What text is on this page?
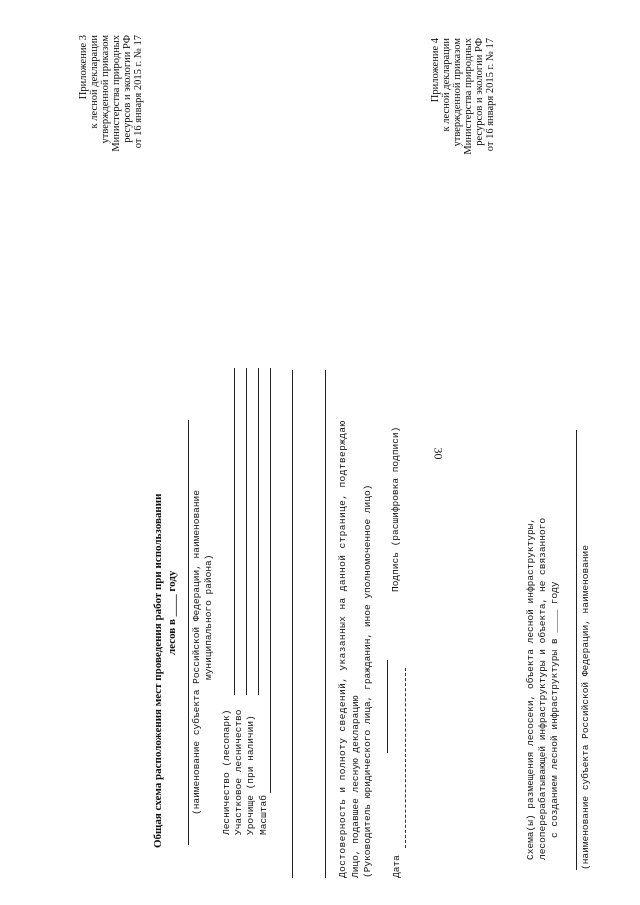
30
Приложение 3 к лесной декларации утвержденной приказом Министерства природных ресурсов и экологии РФ от 16 января 2015 г. № 17	Приложение 4 к лесной декларации утвержденной приказом Министерства природных ресурсов и экологии РФ от 16 января 2015 г. № 17
Общая схема расположения мест проведения работ при использовании лесов в ____ году (наименование субъекта Российской Федерации, наименование муниципального района)
Лесничество (лесопарк) Участковое лесничество Урочище (при наличии) Масштаб	Достоверность и полноту сведений, указанных на данной странице, подтверждаю Лицо, подавшее лесную декларацию (Руководитель юридического лица, гражданин, иное уполномоченное лицо) Подпись (расшифровка подписи)
Дата
Схема(ы) размещения лесосеки, объекта лесной инфраструктуры, лесоперерабатывающей инфраструктуры и объекта, не связанного с созданием лесной инфраструктуры в ____ году (наименование субъекта Российской Федерации, наименование
